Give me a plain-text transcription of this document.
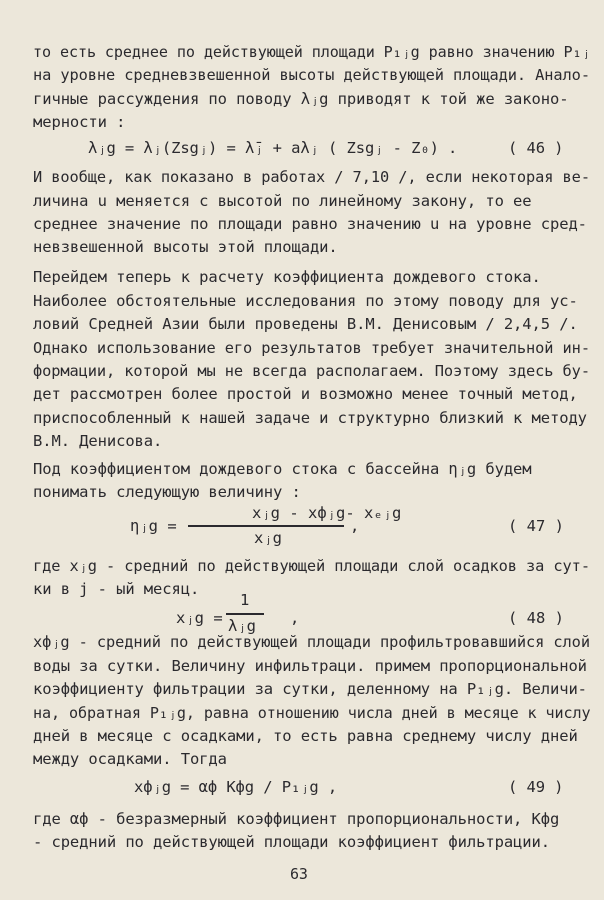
то есть среднее по действующей площади P₁ⱼg равно значению P₁ⱼ
на уровне средневзвешенной высоты действующей площади. Анало-
гичные рассуждения по поводу λⱼg приводят к той же законо-
мерности :
λⱼg = λⱼ(Zsgⱼ) = λ̄ⱼ + aλⱼ ( Zsgⱼ - Z₀) .	( 46 )
И вообще, как показано в работах / 7,10 /, если некоторая ве-
личина u меняется с высотой по линейному закону, то ее
среднее значение по площади равно значению u на уровне сред-
невзвешенной высоты этой площади.
Перейдем теперь к расчету коэффициента дождевого стока.
Наиболее обстоятельные исследования по этому поводу для ус-
ловий Средней Азии были проведены В.М. Денисовым / 2,4,5 /.
Однако использование его результатов требует значительной ин-
формации, которой мы не всегда располагаем. Поэтому здесь бу-
дет рассмотрен более простой и возможно менее точный метод,
приспособленный к нашей задаче и структурно близкий к методу
В.М. Денисова.
Под коэффициентом дождевого стока с бассейна ηⱼg будем
понимать следующую величину :
ηⱼg =
xⱼg - xфⱼg- xₑⱼg
xⱼg
,	( 47 )
где xⱼg - средний по действующей площади слой осадков за сут-
ки в j - ый месяц.
xⱼg =
1
λⱼg ,	( 48 )
xфⱼg - средний по действующей площади профильтровавшийся слой
воды за сутки. Величину инфильтраци. примем пропорциональной
коэффициенту фильтрации за сутки, деленному на P₁ⱼg. Величи-
на, обратная P₁ⱼg, равна отношению числа дней в месяце к числу
дней в месяце с осадками, то есть равна среднему числу дней
между осадками. Тогда
xфⱼg = αф Kфg / P₁ⱼg ,	( 49 )
где αф - безразмерный коэффициент пропорциональности, Kфg
- средний по действующей площади коэффициент фильтрации.
63
